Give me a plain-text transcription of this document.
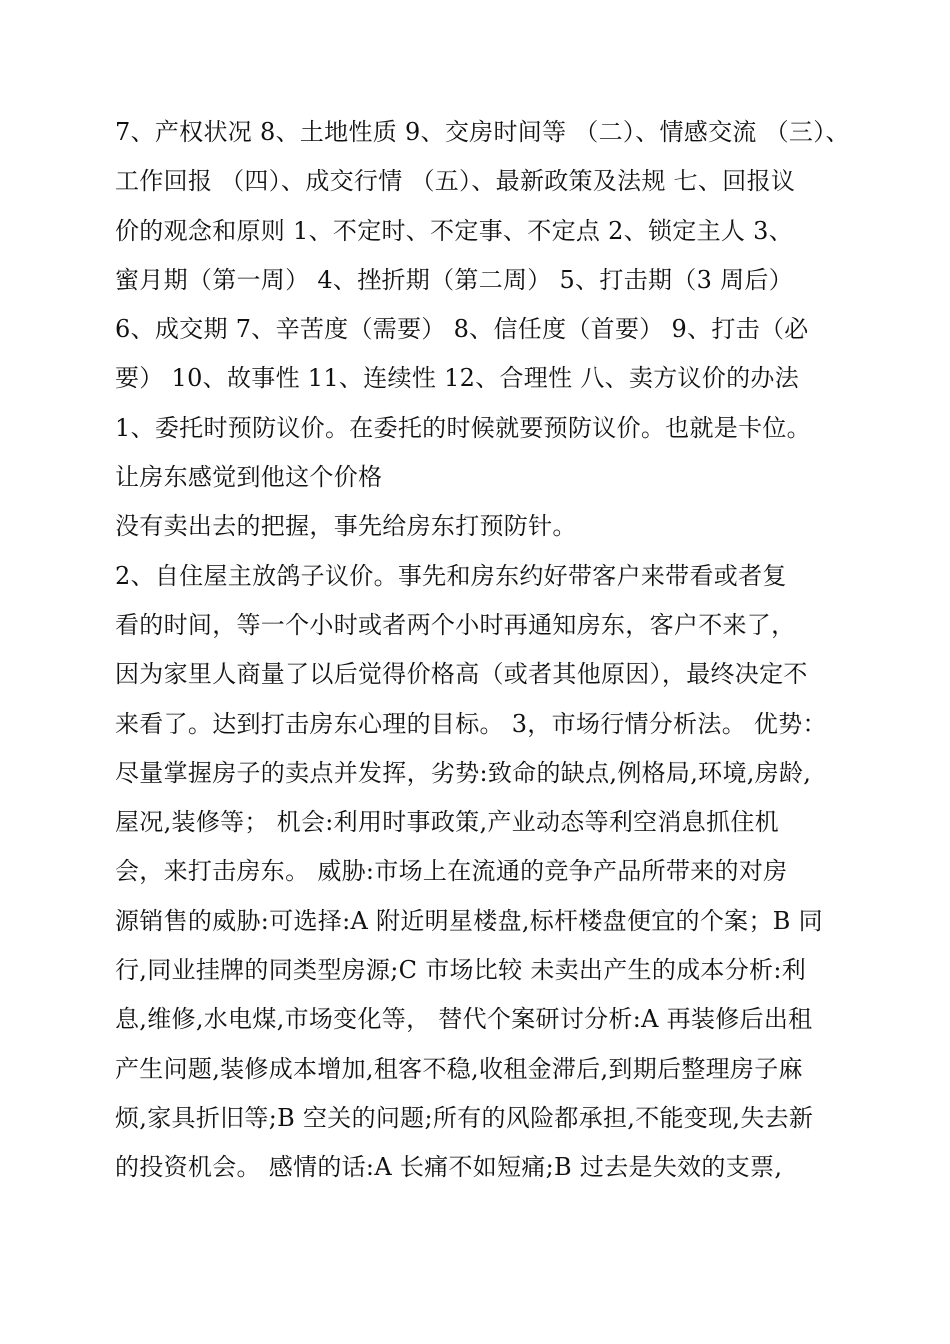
7、产权状况 8、土地性质 9、交房时间等 （二）、情感交流 （三）、
工作回报 （四）、成交行情 （五）、最新政策及法规 七、回报议
价的观念和原则 1、不定时、不定事、不定点 2、锁定主人 3、
蜜月期（第一周） 4、挫折期（第二周） 5、打击期（3 周后）
6、成交期 7、辛苦度（需要） 8、信任度（首要） 9、打击（必
要） 10、故事性 11、连续性 12、合理性 八、卖方议价的办法
1、委托时预防议价。在委托的时候就要预防议价。也就是卡位。
让房东感觉到他这个价格
没有卖出去的把握，事先给房东打预防针。
2、自住屋主放鸽子议价。事先和房东约好带客户来带看或者复
看的时间，等一个小时或者两个小时再通知房东，客户不来了，
因为家里人商量了以后觉得价格高（或者其他原因），最终决定不
来看了。达到打击房东心理的目标。 3，市场行情分析法。 优势：
尽量掌握房子的卖点并发挥，劣势:致命的缺点,例格局,环境,房龄,
屋况,装修等； 机会:利用时事政策,产业动态等利空消息抓住机
会，来打击房东。 威胁:市场上在流通的竞争产品所带来的对房
源销售的威胁:可选择:A 附近明星楼盘,标杆楼盘便宜的个案；B 同
行,同业挂牌的同类型房源;C 市场比较 未卖出产生的成本分析:利
息,维修,水电煤,市场变化等， 替代个案研讨分析:A 再装修后出租
产生问题,装修成本增加,租客不稳,收租金滞后,到期后整理房子麻
烦,家具折旧等;B 空关的问题;所有的风险都承担,不能变现,失去新
的投资机会。 感情的话:A 长痛不如短痛;B 过去是失效的支票,
